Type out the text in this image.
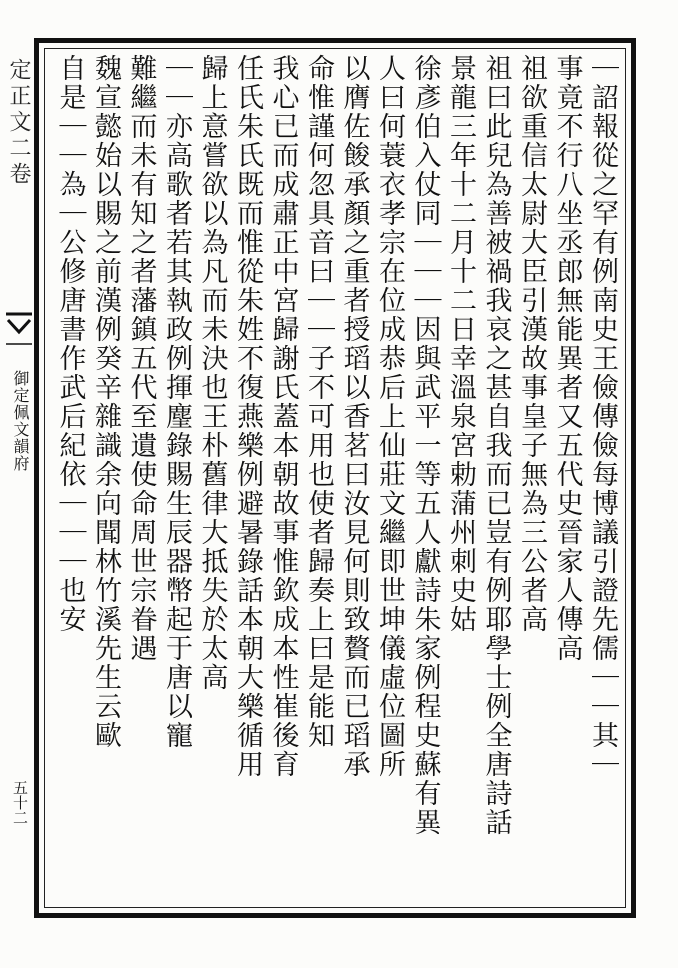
定正文二卷
御定佩文韻府
五十二
｜詔報從之罕有例南史王儉傳儉每博議引證先儒｜｜其｜
事竟不行八坐丞郎無能異者又五代史晉家人傳高
祖欲重信太尉大臣引漢故事皇子無為三公者高
祖曰此兒為善被禍我哀之甚自我而已豈有例耶學士例全唐詩話
景龍三年十二月十二日幸溫泉宮勅蒲州刺史姑
徐彥伯入仗同｜｜｜因與武平一等五人獻詩朱家例程史蘇有異
人曰何蓑衣孝宗在位成恭后上仙莊文繼即世坤儀虛位圖所
以膺佐餕承顏之重者授瑫以香茗曰汝見何則致贅而已瑫承
命惟謹何忽具音曰｜｜子不可用也使者歸奏上曰是能知
我心已而成肅正中宮歸謝氏蓋本朝故事惟欽成本性崔後育
任氏朱氏既而惟從朱姓不復燕樂例避暑錄話本朝大樂循用
歸上意嘗欲以為凡而未決也王朴舊律大抵失於太高
｜｜亦高歌者若其執政例揮麈錄賜生辰器幣起于唐以寵
難繼而未有知之者藩鎮五代至遺使命周世宗眷遇
魏宣懿始以賜之前漢例癸辛雜識余向聞林竹溪先生云歐
自是｜｜為｜公修唐書作武后紀依｜｜｜也安
